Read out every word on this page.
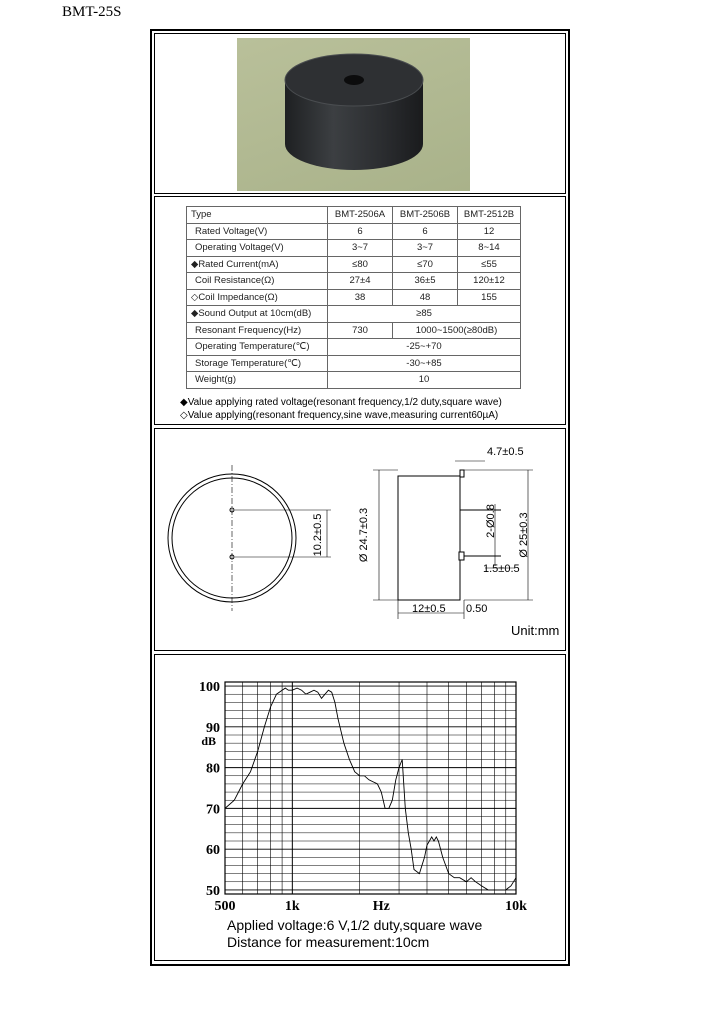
BMT-25S
Type	BMT-2506A	BMT-2506B	BMT-2512B
Rated Voltage(V)	6	6	12
Operating Voltage(V)	3~7	3~7	8~14
◆Rated Current(mA)	≤80	≤70	≤55
Coil Resistance(Ω)	27±4	36±5	120±12
◇Coil Impedance(Ω)	38	48	155
◆Sound Output at 10cm(dB)	≥85		
Resonant Frequency(Hz)	730	1000~1500(≥80dB)	
Operating Temperature(℃)	-25~+70		
Storage Temperature(℃)	-30~+85		
Weight(g)	10		
◆Value applying rated voltage(resonant frequency,1/2 duty,square wave)
◇Value applying(resonant frequency,sine wave,measuring current60µA)
10.2±0.5	Ø 24.7±0.3	Ø 25±0.3
2-Ø0.8
4.7±0.5
1.5±0.5
12±0.5 0.50
Unit:mm
dB
100
90
80
70
60
50
500	1k	Hz	10k
Applied voltage:6 V,1/2 duty,square wave
Distance for measurement:10cm
